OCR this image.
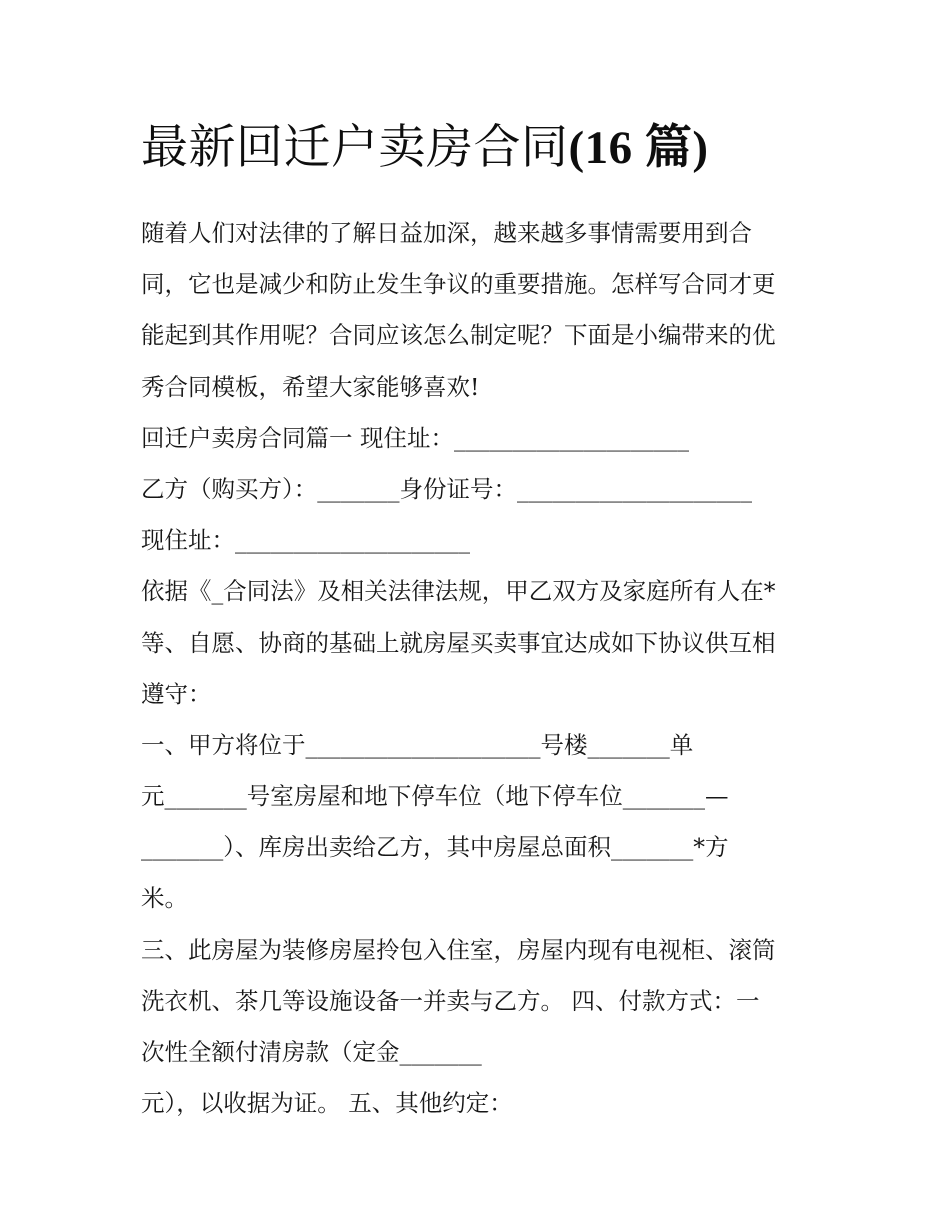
最新回迁户卖房合同(16 篇)
随着人们对法律的了解日益加深，越来越多事情需要用到合
同，它也是减少和防止发生争议的重要措施。怎样写合同才更
能起到其作用呢？合同应该怎么制定呢？下面是小编带来的优
秀合同模板，希望大家能够喜欢!
回迁户卖房合同篇一 现住址：____________________
乙方（购买方）：_______身份证号：____________________
现住址：____________________
依据《_合同法》及相关法律法规，甲乙双方及家庭所有人在*
等、自愿、协商的基础上就房屋买卖事宜达成如下协议供互相
遵守：
一、甲方将位于____________________号楼_______单
元_______号室房屋和地下停车位（地下停车位_______—
_______）、库房出卖给乙方，其中房屋总面积_______*方
米。
三、此房屋为装修房屋拎包入住室，房屋内现有电视柜、滚筒
洗衣机、茶几等设施设备一并卖与乙方。 四、付款方式：一
次性全额付清房款（定金_______
元），以收据为证。 五、其他约定：
